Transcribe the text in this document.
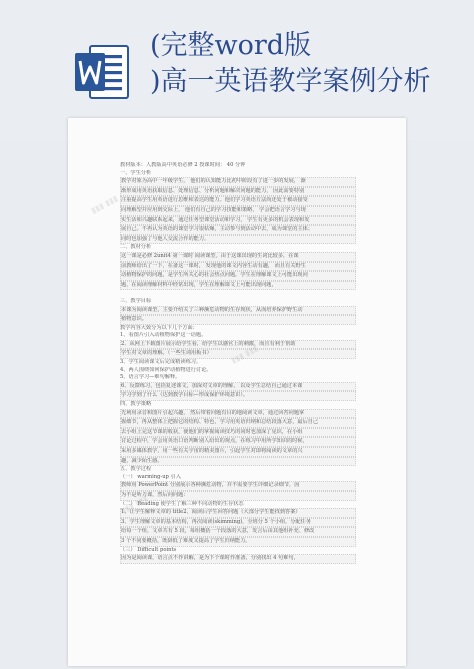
(完整word版
)高一英语教学案例分析
教材版本：人教版高中英语必修 2 授课时间： 40 分钟
一、学生分析
教学对象为高中一年级学生， 他们的认知能力比初中阶段有了进一步的发展， 渐
渐形成用英语获取信息、处理信息、分析问题和解决问题的能力， 因此需要特别
注重提高学生用英语进行思维和表达的能力。他们学习英语方法尚还处于被动接受
向理解型并应用到交际上， 他们有自己的学习技能和策略， 学会把语言学习与现
实生活和兴趣联系起来，通过任务型课堂活动和学习， 学生有更多的机会表现和发
展自己。不再认为英语的课堂学习很枯燥，主动参与到活动中去，成为课堂的主体；
同时也加强了与他人交流合作的能力。
二、教材分析
这一课是必修 2unit4 第一课时 阅读课型。由于这课出现的生词比较多，在课
前教师给出了一下，在备这一课时， 发现他的课文内容生动有趣， 而且有关野生
动植物保护的问题，是学生所关心的社会热点问题。学生在理解课文上可能出现问
题，在阅读理解材料中经常出现，学生在理解课文上可能出现问题，

三、教学目标
本课为阅读课型，主要介绍关了三种濒危动物的生存现状，从而培养保护野生动
植物意识。
教学内容大致分为以下几个方面：
1、看图片引入动植物保护这一话题。
2、从网上下载图片展示给学生看，给学生以感官上的刺激，而且有利于帮助
学生对文章的理解。（一些生词用板书）
3、学生阅读课文后完成精读练习。
4、两人围绕如何保护动植物进行讨论。
5、语言学习—难句解释。
6、反馈练习，包括复述课文，加深对文章的理解， 以及学生总结自己通过本课
学习学到了什么（达到教学目标—形成保护环境意识）。
四、教学策略
先利用录音和图片引起兴趣， 然后带着问题有目的地阅读文章，通过回答问题掌
握细节，再从整体上把握它的结构、特色，学习用英语归纳和总结段落大意，最后自己
去小组上完这节课的收获，使他们的掌握阅读技巧的同时也加深了见识，在小组
讨论过程中，学会用英语口语判断别人给出的观点，在练习中用所学知识的时候，
采用多媒体教学，用一些有关宇宙的精美图片，引起学生对即将阅读的文章的兴
趣，减少陌生感。
五、教学过程
（一） warming-up 引入
教师用 PowerPoint 分别展示各种濒危动物，并不需要学生详细记录细节，因
为不是听力课，然后问问题：
（二） Reading 使学生了解三种不同动物的生存状态
1、让学生解释文章的 title2、阅读后学生回答问题（大部分学生能找到答案）
3、学生理解文章的基本结构，再次阅读(skimming)，全班分 5 个小组，分配任务
给每一个组，文章共有 5 段，每组概括一个段落的大意，发言后由其他组补充、修改
3 个不同要概括，既降低了难度又提高了学生归纳能力。
（三） Difficult points
因为是阅读课，语言点不作讲解，是为下个课时作准备，分别找出 4 句难句，
